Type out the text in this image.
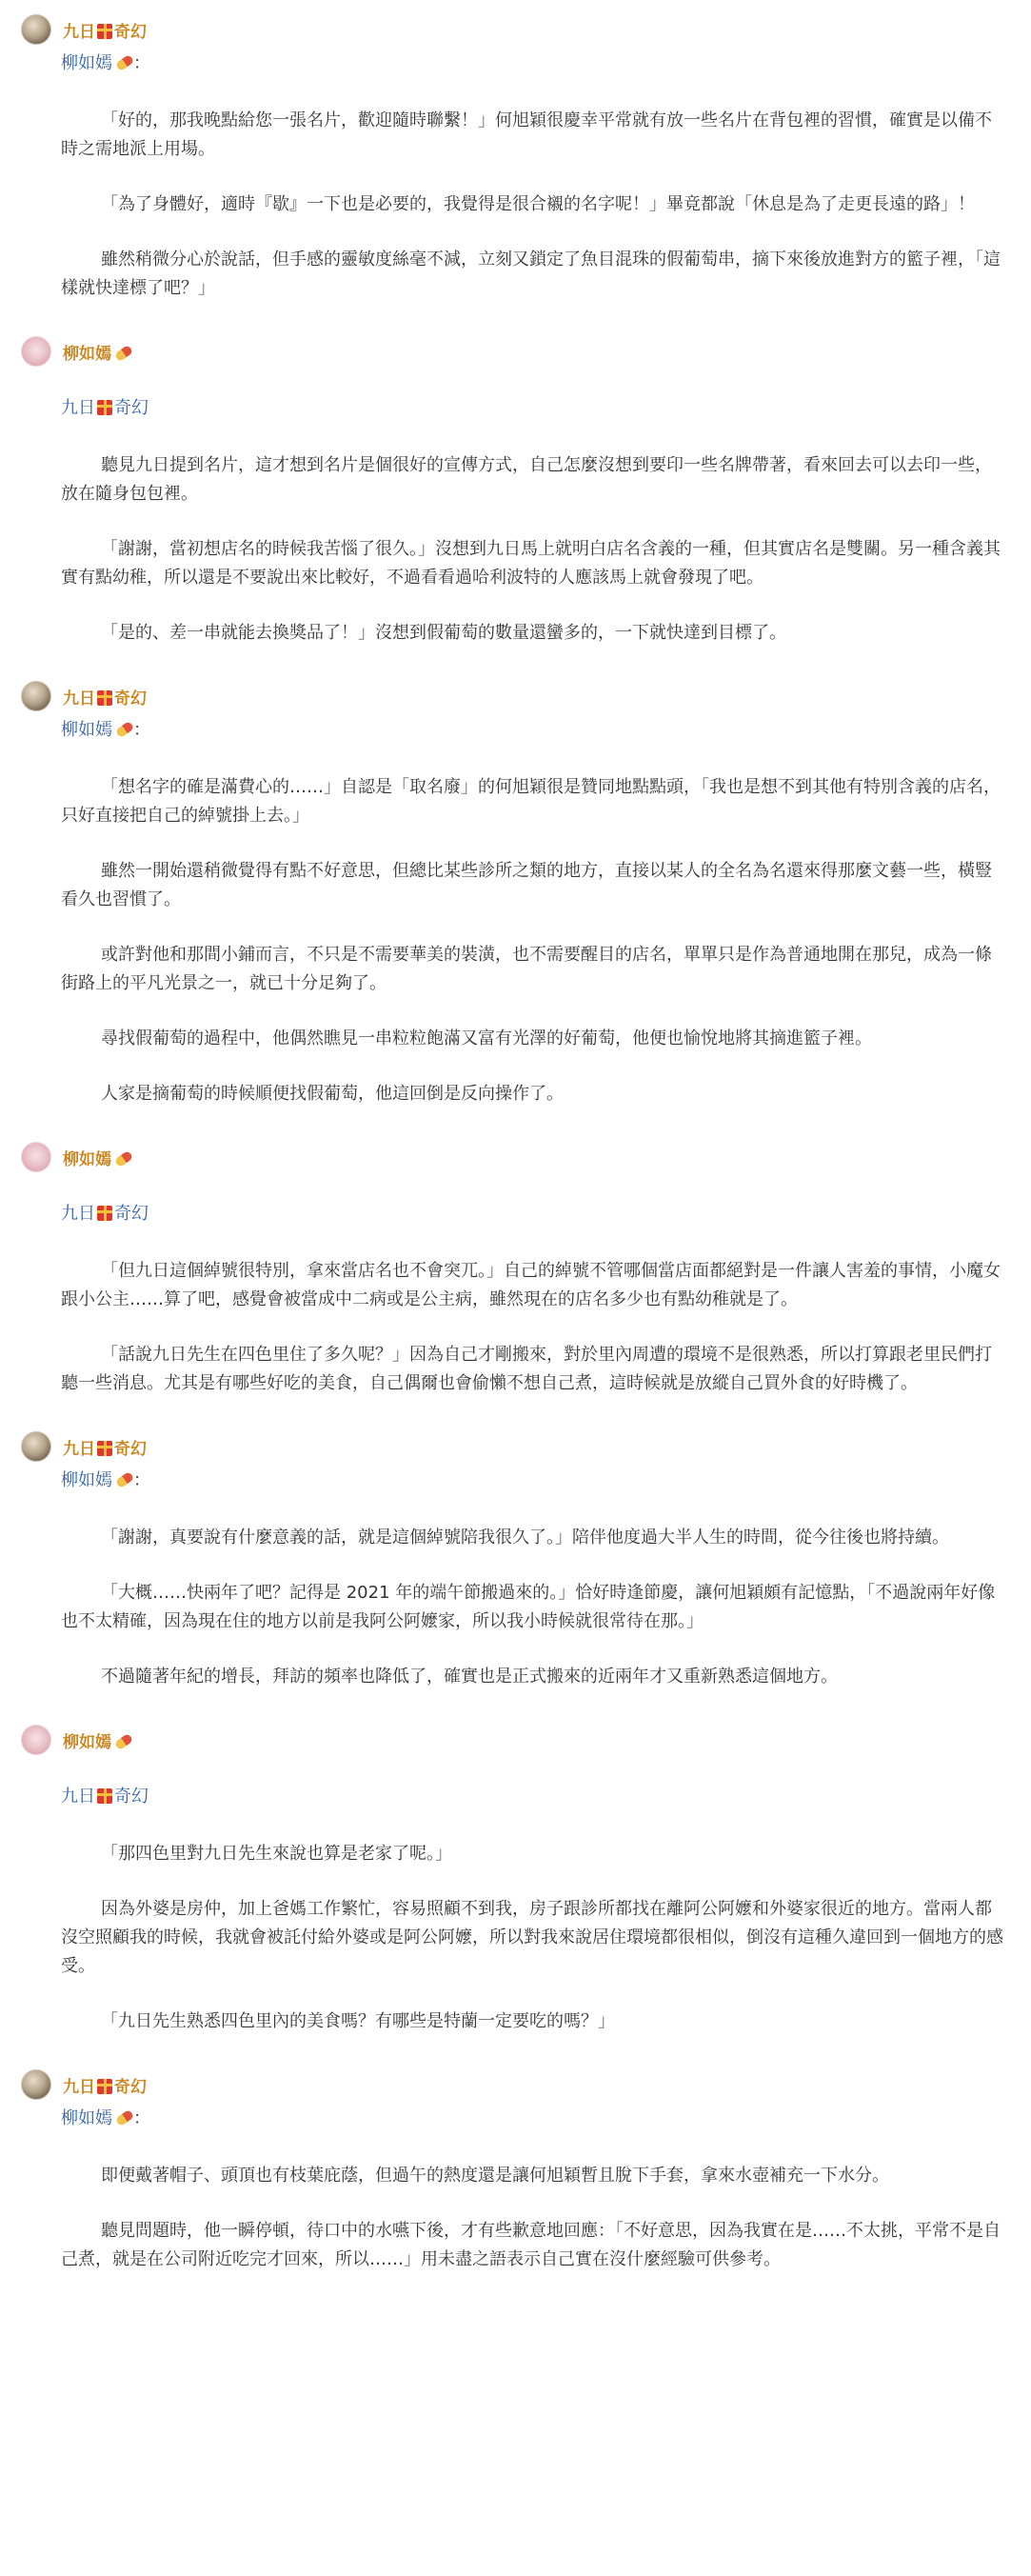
九日 奇幻
柳如嫣 ：

「好的，那我晚點給您一張名片，歡迎隨時聯繫！」何旭穎很慶幸平常就有放一些名片在背包裡的習慣，確實是以備不時之需地派上用場。

「為了身體好，適時『歇』一下也是必要的，我覺得是很合襯的名字呢！」畢竟都說「休息是為了走更長遠的路」！

雖然稍微分心於說話，但手感的靈敏度絲毫不減，立刻又鎖定了魚目混珠的假葡萄串，摘下來後放進對方的籃子裡，「這樣就快達標了吧？」

柳如嫣
九日 奇幻

聽見九日提到名片，這才想到名片是個很好的宣傳方式，自己怎麼沒想到要印一些名牌帶著，看來回去可以去印一些，放在隨身包包裡。

「謝謝，當初想店名的時候我苦惱了很久。」沒想到九日馬上就明白店名含義的一種，但其實店名是雙關。另一種含義其實有點幼稚，所以還是不要說出來比較好，不過看看過哈利波特的人應該馬上就會發現了吧。

「是的、差一串就能去換獎品了！」沒想到假葡萄的數量還蠻多的，一下就快達到目標了。

九日 奇幻
柳如嫣 ：

「想名字的確是滿費心的……」自認是「取名廢」的何旭穎很是贊同地點點頭，「我也是想不到其他有特別含義的店名，只好直接把自己的綽號掛上去。」

雖然一開始還稍微覺得有點不好意思，但總比某些診所之類的地方，直接以某人的全名為名還來得那麼文藝一些，橫豎看久也習慣了。

或許對他和那間小鋪而言，不只是不需要華美的裝潢，也不需要醒目的店名，單單只是作為普通地開在那兒，成為一條街路上的平凡光景之一，就已十分足夠了。

尋找假葡萄的過程中，他偶然瞧見一串粒粒飽滿又富有光澤的好葡萄，他便也愉悅地將其摘進籃子裡。

人家是摘葡萄的時候順便找假葡萄，他這回倒是反向操作了。

柳如嫣
九日 奇幻

「但九日這個綽號很特別，拿來當店名也不會突兀。」自己的綽號不管哪個當店面都絕對是一件讓人害羞的事情，小魔女跟小公主……算了吧，感覺會被當成中二病或是公主病，雖然現在的店名多少也有點幼稚就是了。

「話說九日先生在四色里住了多久呢？」因為自己才剛搬來，對於里內周遭的環境不是很熟悉，所以打算跟老里民們打聽一些消息。尤其是有哪些好吃的美食，自己偶爾也會偷懶不想自己煮，這時候就是放縱自己買外食的好時機了。

九日 奇幻
柳如嫣 ：

「謝謝，真要說有什麼意義的話，就是這個綽號陪我很久了。」陪伴他度過大半人生的時間，從今往後也將持續。

「大概……快兩年了吧？記得是 2021 年的端午節搬過來的。」恰好時逢節慶，讓何旭穎頗有記憶點，「不過說兩年好像也不太精確，因為現在住的地方以前是我阿公阿嬤家，所以我小時候就很常待在那。」

不過隨著年紀的增長，拜訪的頻率也降低了，確實也是正式搬來的近兩年才又重新熟悉這個地方。

柳如嫣
九日 奇幻

「那四色里對九日先生來說也算是老家了呢。」

因為外婆是房仲，加上爸媽工作繁忙，容易照顧不到我，房子跟診所都找在離阿公阿嬤和外婆家很近的地方。當兩人都沒空照顧我的時候，我就會被託付給外婆或是阿公阿嬤，所以對我來說居住環境都很相似，倒沒有這種久違回到一個地方的感受。

「九日先生熟悉四色里內的美食嗎？有哪些是特蘭一定要吃的嗎？」

九日 奇幻
柳如嫣 ：

即便戴著帽子、頭頂也有枝葉庇蔭，但過午的熱度還是讓何旭穎暫且脫下手套，拿來水壺補充一下水分。

聽見問題時，他一瞬停頓，待口中的水嚥下後，才有些歉意地回應：「不好意思，因為我實在是……不太挑，平常不是自己煮，就是在公司附近吃完才回來，所以……」用未盡之語表示自己實在沒什麼經驗可供參考。
